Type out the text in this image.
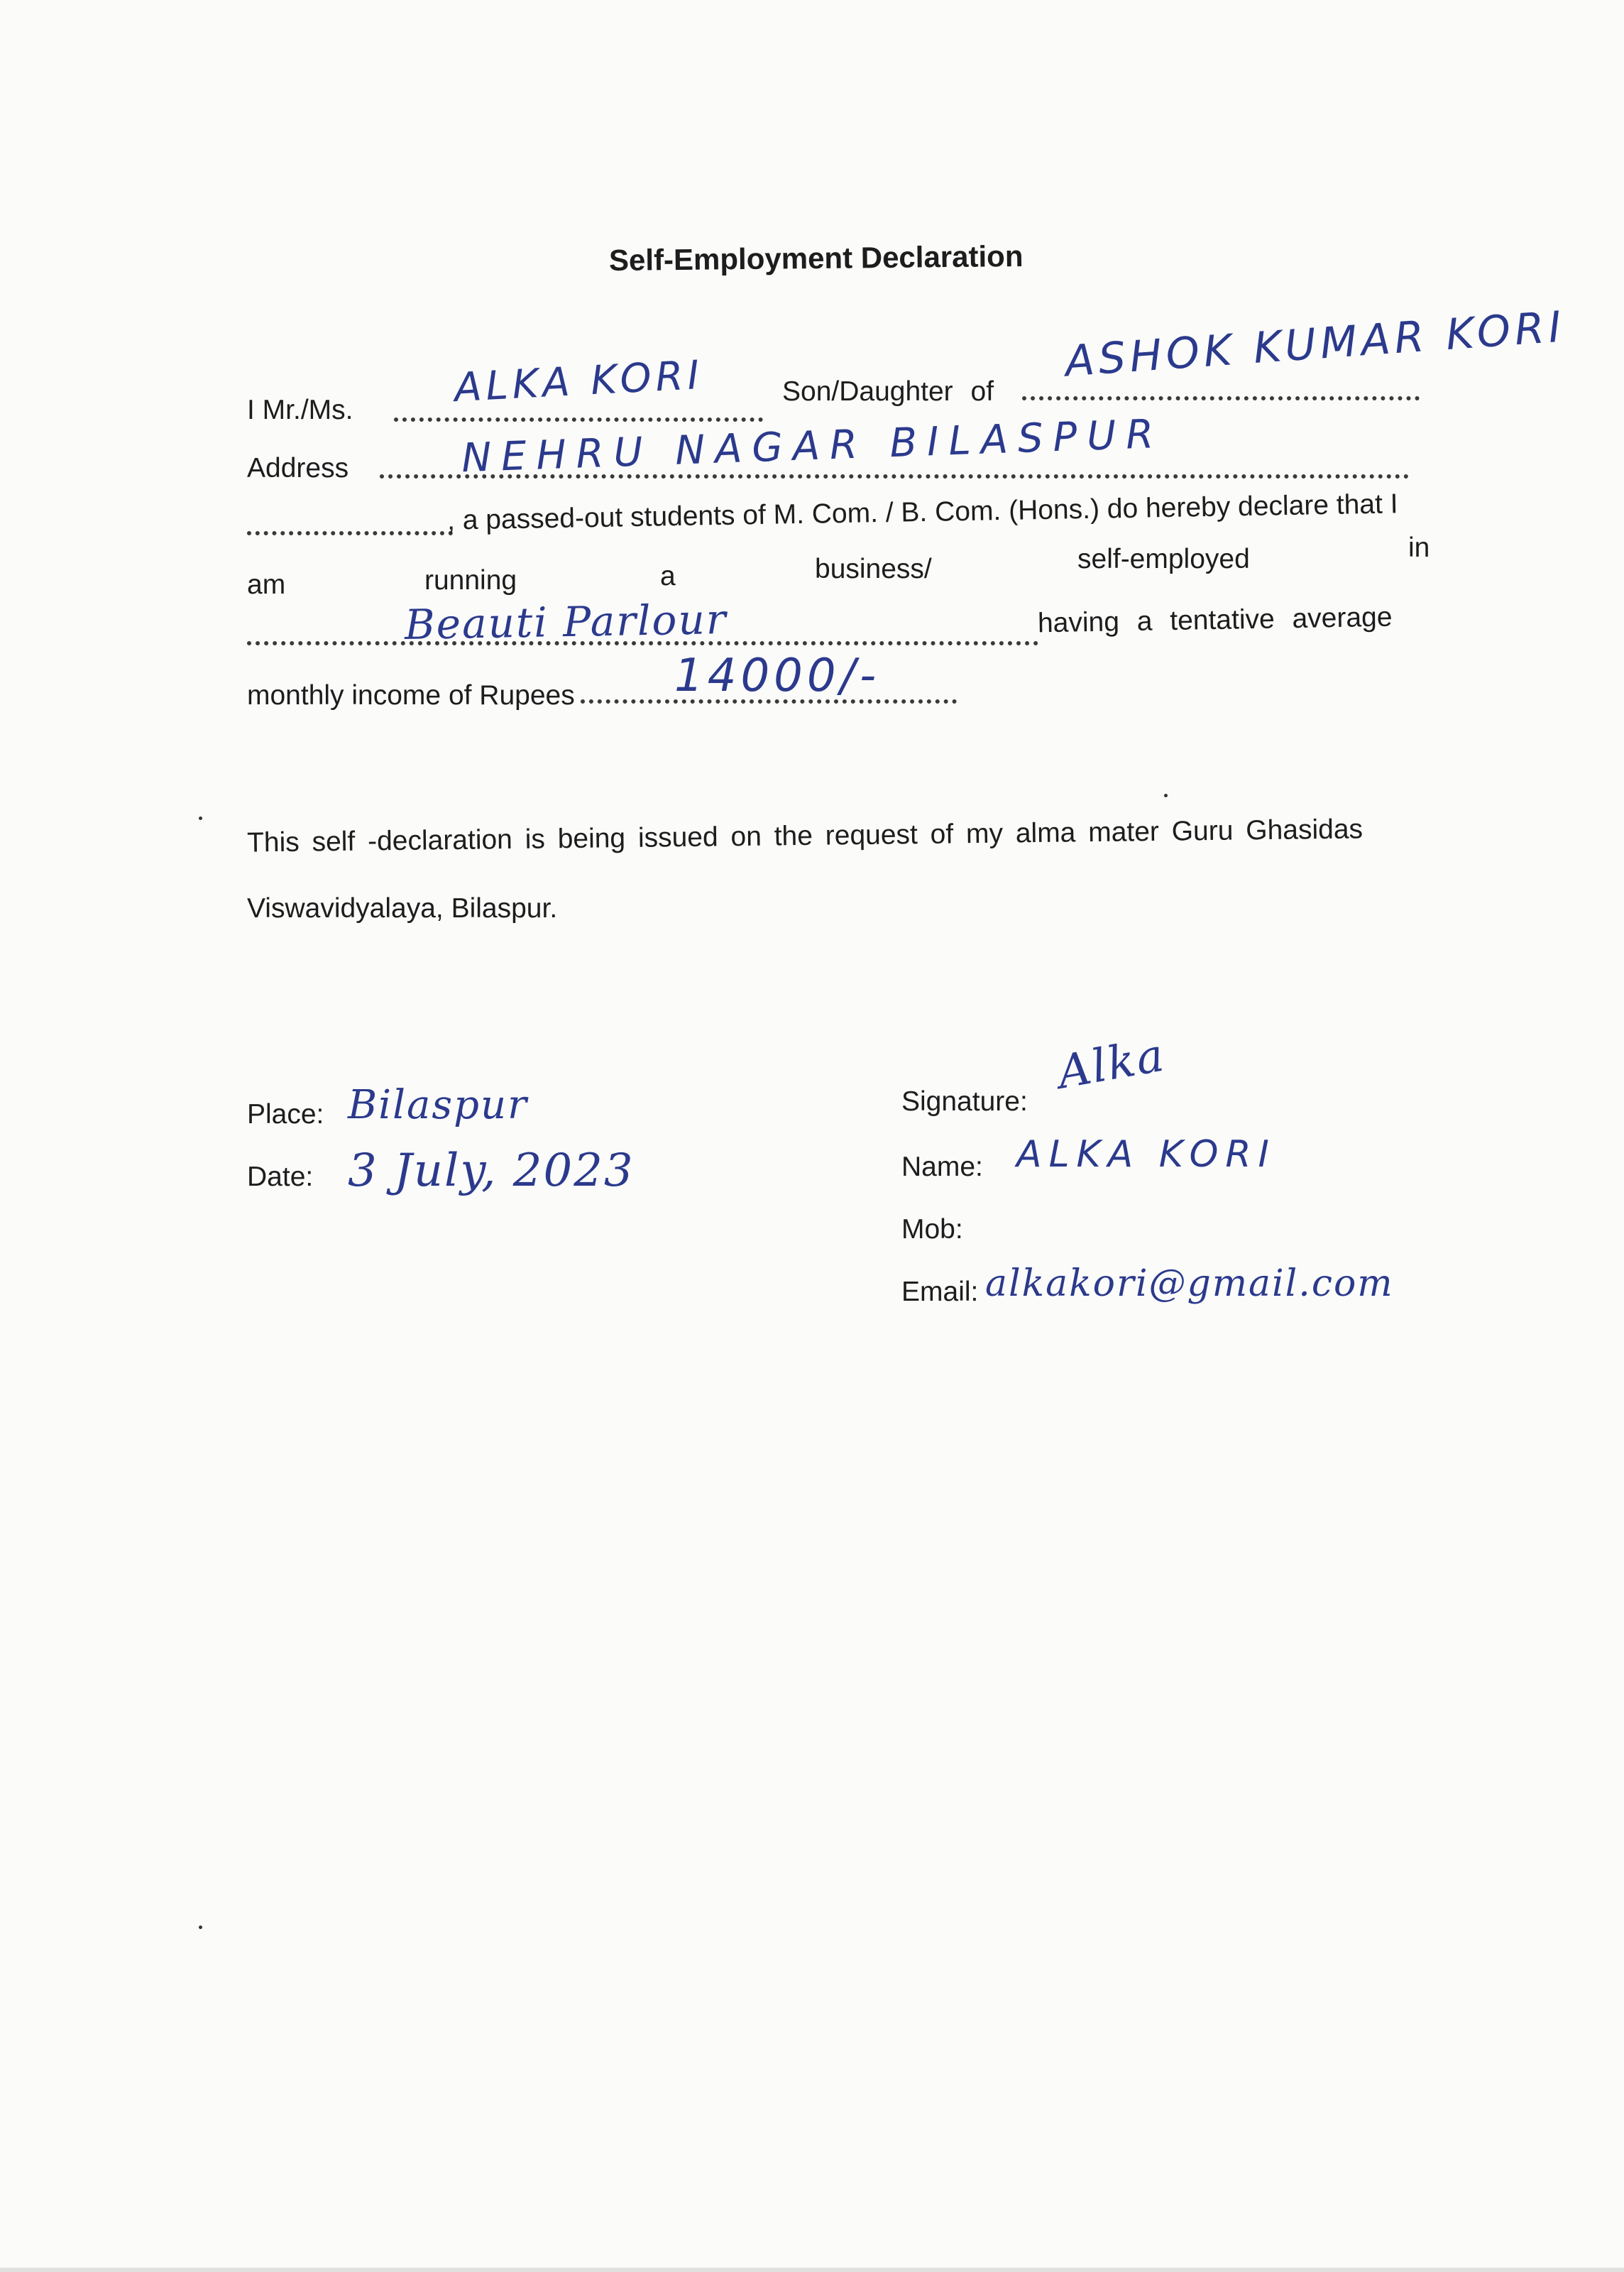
Self-Employment Declaration
I Mr./Ms.	ALKA KORI	Son/Daughter of
ASHOK KUMAR KORI
Address	NEHRU NAGAR BILASPUR
, a passed-out students of M. Com. / B. Com. (Hons.) do hereby declare that I
am	running	a	business/	self-employed	in
Beauti Parlour	having a tentative average
monthly income of Rupees 14000/-
This self -declaration is being issued on the request of my alma mater Guru Ghasidas
Viswavidyalaya, Bilaspur.
Place: Bilaspur
Date: 3 July, 2023
Signature:
Alka
Name: ALKA KORI
Mob:
Email: alkakori@gmail.com
